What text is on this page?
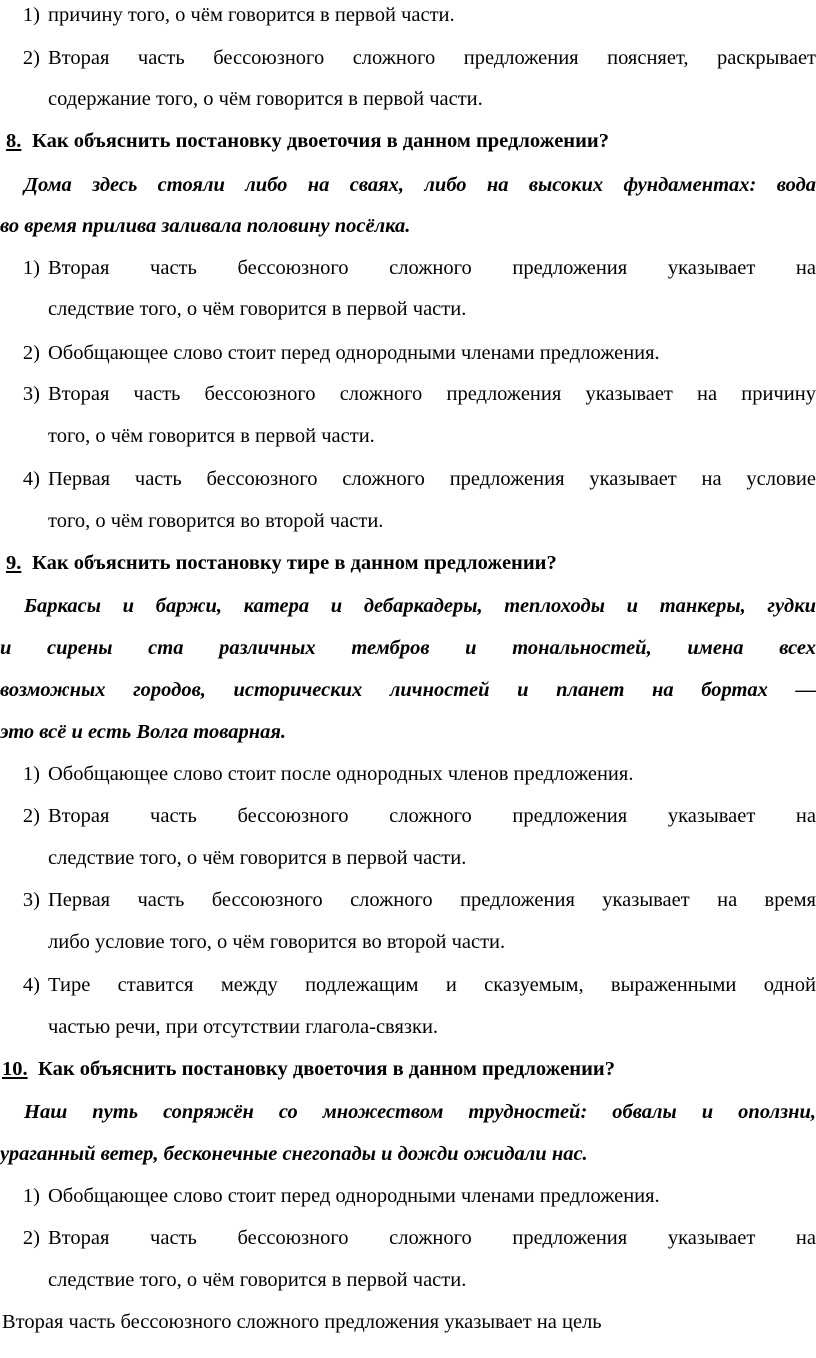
1) причину того, о чём говорится в первой части.
2) Вторая часть бессоюзного сложного предложения поясняет, раскрывает
содержание того, о чём говорится в первой части.
8. Как объяснить постановку двоеточия в данном предложении?
Дома здесь стояли либо на сваях, либо на высоких фундаментах: вода
во время прилива заливала половину посёлка.
1) Вторая часть бессоюзного сложного предложения указывает на
следствие того, о чём говорится в первой части.
2) Обобщающее слово стоит перед однородными членами предложения.
3) Вторая часть бессоюзного сложного предложения указывает на причину
того, о чём говорится в первой части.
4) Первая часть бессоюзного сложного предложения указывает на условие
того, о чём говорится во второй части.
9. Как объяснить постановку тире в данном предложении?
Баркасы и баржи, катера и дебаркадеры, теплоходы и танкеры, гудки
и сирены ста различных тембров и тональностей, имена всех
возможных городов, исторических личностей и планет на бортах —
это всё и есть Волга товарная.
1) Обобщающее слово стоит после однородных членов предложения.
2) Вторая часть бессоюзного сложного предложения указывает на
следствие того, о чём говорится в первой части.
3) Первая часть бессоюзного сложного предложения указывает на время
либо условие того, о чём говорится во второй части.
4) Тире ставится между подлежащим и сказуемым, выраженными одной
частью речи, при отсутствии глагола-связки.
10. Как объяснить постановку двоеточия в данном предложении?
Наш путь сопряжён со множеством трудностей: обвалы и оползни,
ураганный ветер, бесконечные снегопады и дожди ожидали нас.
1) Обобщающее слово стоит перед однородными членами предложения.
2) Вторая часть бессоюзного сложного предложения указывает на
следствие того, о чём говорится в первой части.
Вторая часть бессоюзного сложного предложения указывает на цель
